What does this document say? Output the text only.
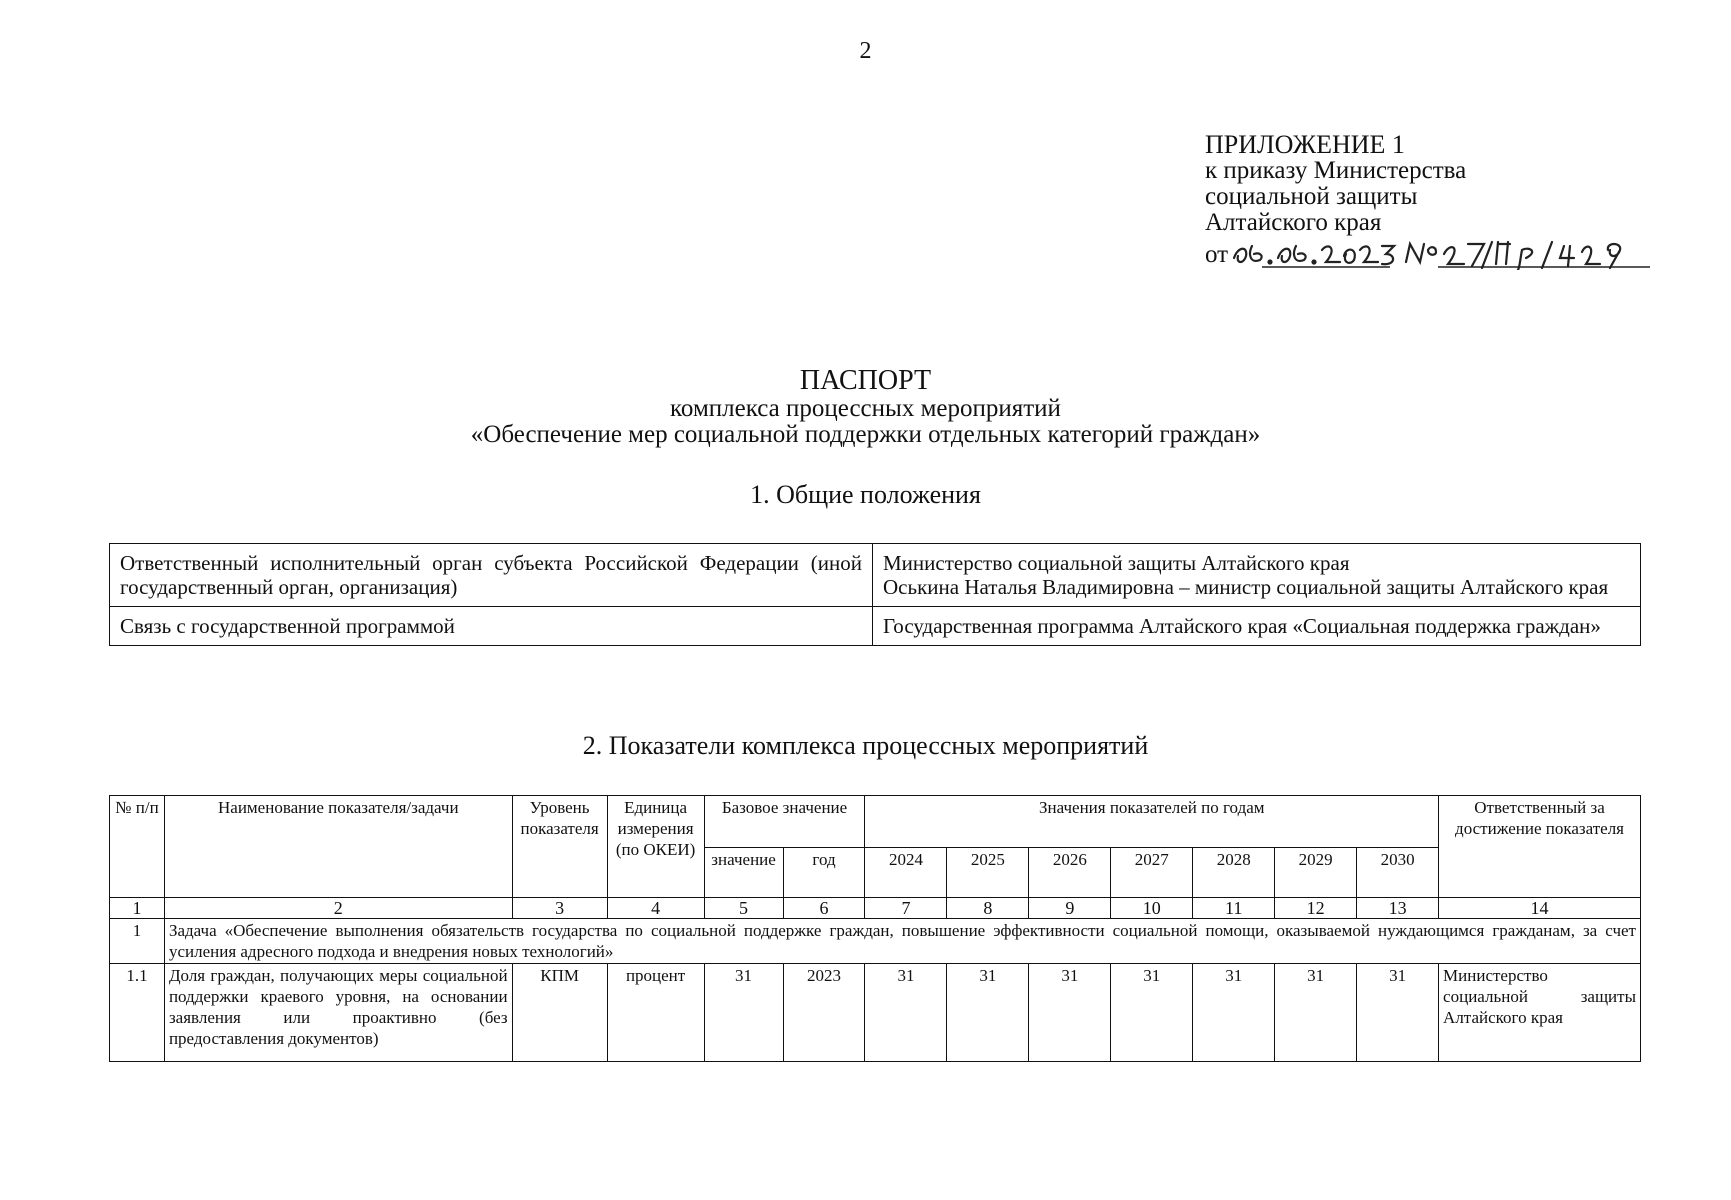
2
ПРИЛОЖЕНИЕ 1
к приказу Министерства
социальной защиты
Алтайского края
от
ПАСПОРТ
комплекса процессных мероприятий
«Обеспечение мер социальной поддержки отдельных категорий граждан»
1. Общие положения
Ответственный исполнительный орган субъекта Российской Федерации (иной государственный орган, организация)	Министерство социальной защиты Алтайского края
Оськина Наталья Владимировна – министр социальной защиты Алтайского края

Связь с государственной программой	Государственная программа Алтайского края «Социальная поддержка граждан»
2. Показатели комплекса процессных мероприятий
№ п/п	Наименование показателя/задачи	Уровень показателя	Единица измерения (по ОКЕИ)	Базовое значение		Значения показателей по годам							Ответственный за достижение показателя
				значение	год	2024	2025	2026	2027	2028	2029	2030	
1	2	3	4	5	6	7	8	9	10	11	12	13	14
1	Задача «Обеспечение выполнения обязательств государства по социальной поддержке граждан, повышение эффективности социальной помощи, оказываемой нуждающимся гражданам, за счет усиления адресного подхода и внедрения новых технологий»												
1.1	Доля граждан, получающих меры социальной поддержки краевого уровня, на основании заявления или проактивно (без предоставления документов)	КПМ	процент	31	2023	31	31	31	31	31	31	31	Министерство социальной защиты Алтайского края
